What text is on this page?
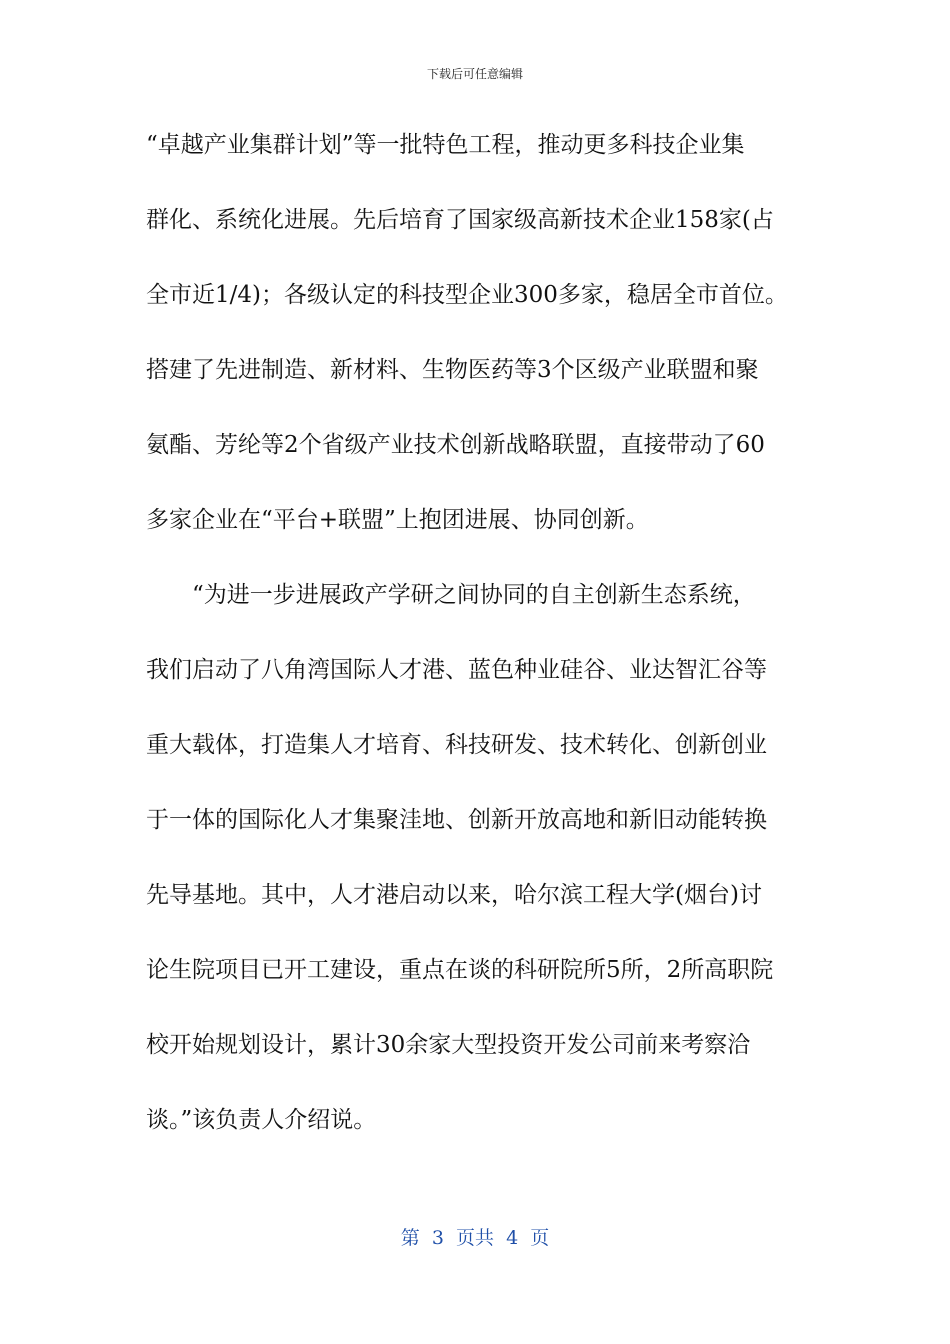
下载后可任意编辑
“卓越产业集群计划”等一批特色工程，推动更多科技企业集
群化、系统化进展。先后培育了国家级高新技术企业158家(占
全市近1/4)；各级认定的科技型企业300多家，稳居全市首位。
搭建了先进制造、新材料、生物医药等3个区级产业联盟和聚
氨酯、芳纶等2个省级产业技术创新战略联盟，直接带动了60
多家企业在“平台+联盟”上抱团进展、协同创新。
“为进一步进展政产学研之间协同的自主创新生态系统，
我们启动了八角湾国际人才港、蓝色种业硅谷、业达智汇谷等
重大载体，打造集人才培育、科技研发、技术转化、创新创业
于一体的国际化人才集聚洼地、创新开放高地和新旧动能转换
先导基地。其中，人才港启动以来，哈尔滨工程大学(烟台)讨
论生院项目已开工建设，重点在谈的科研院所5所，2所高职院
校开始规划设计，累计30余家大型投资开发公司前来考察洽
谈。”该负责人介绍说。
第  3  页共  4  页
